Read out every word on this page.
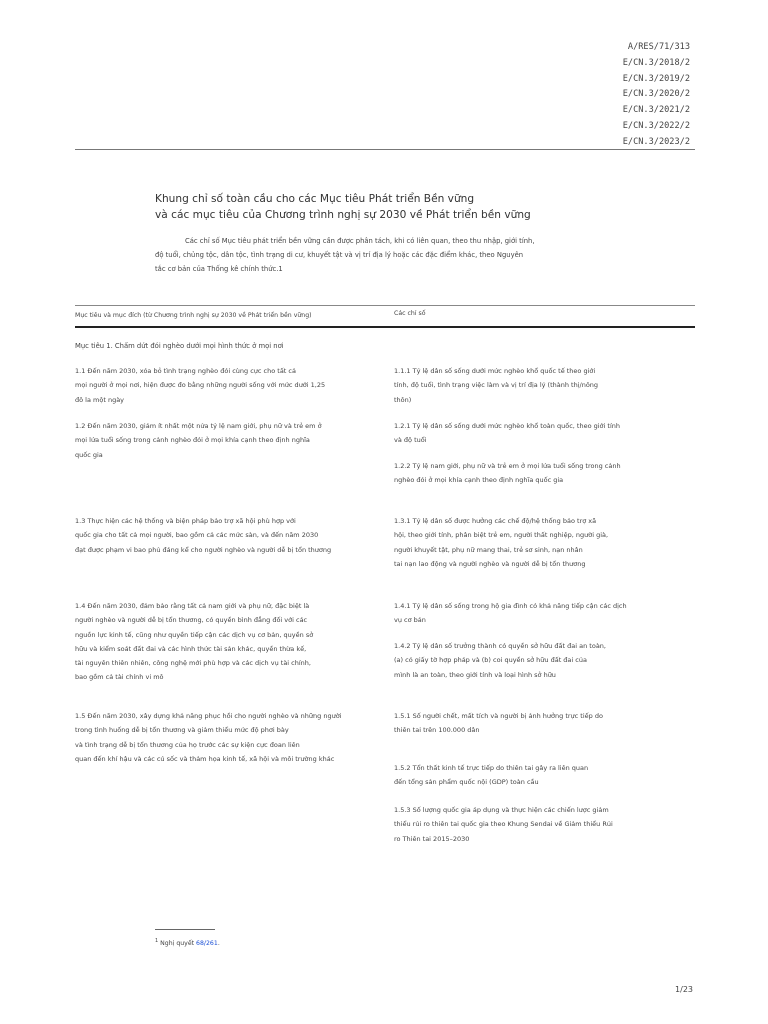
A/RES/71/313
E/CN.3/2018/2
E/CN.3/2019/2
E/CN.3/2020/2
E/CN.3/2021/2
E/CN.3/2022/2
E/CN.3/2023/2
Khung chỉ số toàn cầu cho các Mục tiêu Phát triển Bền vững
và các mục tiêu của Chương trình nghị sự 2030 về Phát triển bền vững
Các chỉ số Mục tiêu phát triển bền vững cần được phân tách, khi có liên quan, theo thu nhập, giới tính,
độ tuổi, chủng tộc, dân tộc, tình trạng di cư, khuyết tật và vị trí địa lý hoặc các đặc điểm khác, theo Nguyên
tắc cơ bản của Thống kê chính thức.1
Mục tiêu và mục đích (từ Chương trình nghị sự 2030 về Phát triển bền vững)	Các chỉ số
Mục tiêu 1. Chấm dứt đói nghèo dưới mọi hình thức ở mọi nơi
1.1 Đến năm 2030, xóa bỏ tình trạng nghèo đói cùng cực cho tất cả
mọi người ở mọi nơi, hiện được đo bằng những người sống với mức dưới 1,25
đô la một ngày
1.2 Đến năm 2030, giảm ít nhất một nửa tỷ lệ nam giới, phụ nữ và trẻ em ở
mọi lứa tuổi sống trong cảnh nghèo đói ở mọi khía cạnh theo định nghĩa
quốc gia
1.3 Thực hiện các hệ thống và biện pháp bảo trợ xã hội phù hợp với
quốc gia cho tất cả mọi người, bao gồm cả các mức sàn, và đến năm 2030
đạt được phạm vi bao phủ đáng kể cho người nghèo và người dễ bị tổn thương
1.4 Đến năm 2030, đảm bảo rằng tất cả nam giới và phụ nữ, đặc biệt là
người nghèo và người dễ bị tổn thương, có quyền bình đẳng đối với các
nguồn lực kinh tế, cũng như quyền tiếp cận các dịch vụ cơ bản, quyền sở
hữu và kiểm soát đất đai và các hình thức tài sản khác, quyền thừa kế,
tài nguyên thiên nhiên, công nghệ mới phù hợp và các dịch vụ tài chính,
bao gồm cả tài chính vi mô
1.5 Đến năm 2030, xây dựng khả năng phục hồi cho người nghèo và những người
trong tình huống dễ bị tổn thương và giảm thiểu mức độ phơi bày
và tình trạng dễ bị tổn thương của họ trước các sự kiện cực đoan liên
quan đến khí hậu và các cú sốc và thảm họa kinh tế, xã hội và môi trường khác
1.1.1 Tỷ lệ dân số sống dưới mức nghèo khổ quốc tế theo giới
tính, độ tuổi, tình trạng việc làm và vị trí địa lý (thành thị/nông
thôn)
1.2.1 Tỷ lệ dân số sống dưới mức nghèo khổ toàn quốc, theo giới tính
và độ tuổi
1.2.2 Tỷ lệ nam giới, phụ nữ và trẻ em ở mọi lứa tuổi sống trong cảnh
nghèo đói ở mọi khía cạnh theo định nghĩa quốc gia
1.3.1 Tỷ lệ dân số được hưởng các chế độ/hệ thống bảo trợ xã
hội, theo giới tính, phân biệt trẻ em, người thất nghiệp, người già,
người khuyết tật, phụ nữ mang thai, trẻ sơ sinh, nạn nhân
tai nạn lao động và người nghèo và người dễ bị tổn thương
1.4.1 Tỷ lệ dân số sống trong hộ gia đình có khả năng tiếp cận các dịch
vụ cơ bản
1.4.2 Tỷ lệ dân số trưởng thành có quyền sở hữu đất đai an toàn,
(a) có giấy tờ hợp pháp và (b) coi quyền sở hữu đất đai của
mình là an toàn, theo giới tính và loại hình sở hữu
1.5.1 Số người chết, mất tích và người bị ảnh hưởng trực tiếp do
thiên tai trên 100.000 dân
1.5.2 Tổn thất kinh tế trực tiếp do thiên tai gây ra liên quan
đến tổng sản phẩm quốc nội (GDP) toàn cầu
1.5.3 Số lượng quốc gia áp dụng và thực hiện các chiến lược giảm
thiểu rủi ro thiên tai quốc gia theo Khung Sendai về Giảm thiểu Rủi
ro Thiên tai 2015–2030
$^1$ Nghị quyết 68/261.
1/23
